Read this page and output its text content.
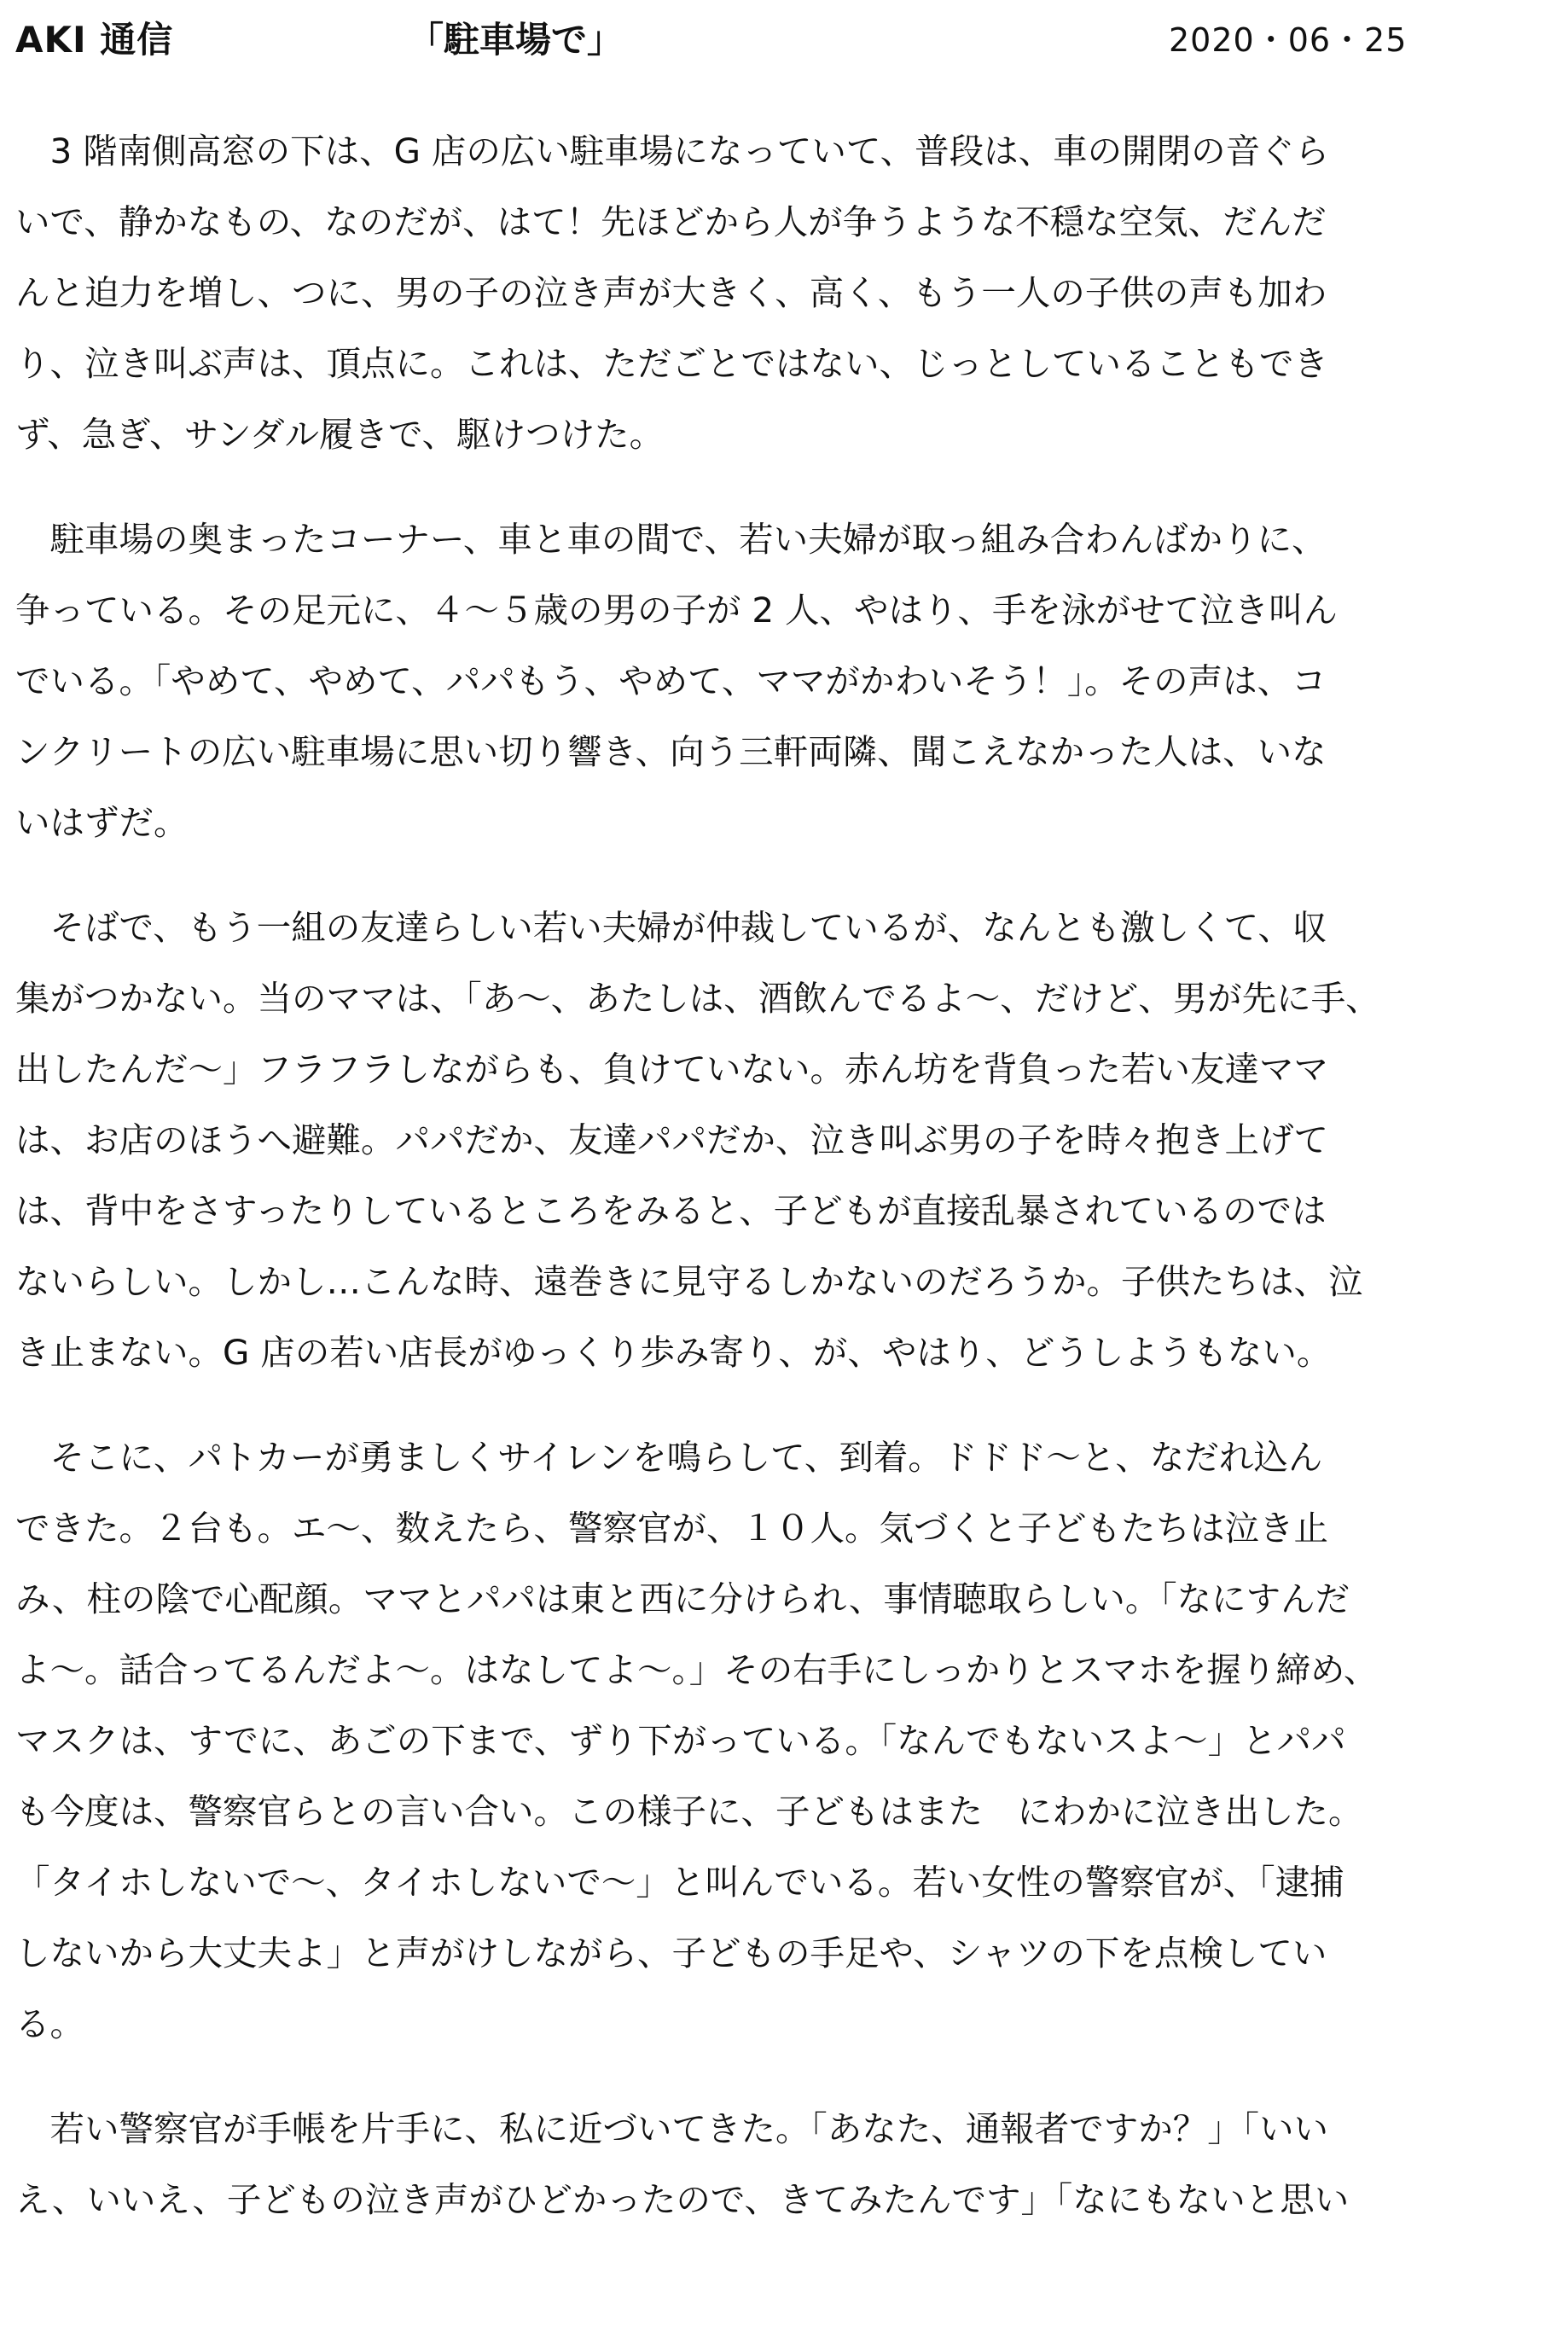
AKI 通信	「駐車場で」	2020・06・25
　3 階南側高窓の下は、G 店の広い駐車場になっていて、普段は、車の開閉の音ぐら
いで、静かなもの、なのだが、はて！先ほどから人が争うような不穏な空気、だんだ
んと迫力を増し、つに、男の子の泣き声が大きく、高く、もう一人の子供の声も加わ
り、泣き叫ぶ声は、頂点に。これは、ただごとではない、じっとしていることもでき
ず、急ぎ、サンダル履きで、駆けつけた。
　駐車場の奥まったコーナー、車と車の間で、若い夫婦が取っ組み合わんばかりに、
争っている。その足元に、４～５歳の男の子が 2 人、やはり、手を泳がせて泣き叫ん
でいる。「やめて、やめて、パパもう、やめて、ママがかわいそう！」。その声は、コ
ンクリートの広い駐車場に思い切り響き、向う三軒両隣、聞こえなかった人は、いな
いはずだ。
　そばで、もう一組の友達らしい若い夫婦が仲裁しているが、なんとも激しくて、収
集がつかない。当のママは、「あ～、あたしは、酒飲んでるよ～、だけど、男が先に手、
出したんだ～」フラフラしながらも、負けていない。赤ん坊を背負った若い友達ママ
は、お店のほうへ避難。パパだか、友達パパだか、泣き叫ぶ男の子を時々抱き上げて
は、背中をさすったりしているところをみると、子どもが直接乱暴されているのでは
ないらしい。しかし…こんな時、遠巻きに見守るしかないのだろうか。子供たちは、泣
き止まない。G 店の若い店長がゆっくり歩み寄り、が、やはり、どうしようもない。
　そこに、パトカーが勇ましくサイレンを鳴らして、到着。ドドド～と、なだれ込ん
できた。２台も。エ～、数えたら、警察官が、１０人。気づくと子どもたちは泣き止
み、柱の陰で心配顔。ママとパパは東と西に分けられ、事情聴取らしい。「なにすんだ
よ～。話合ってるんだよ～。はなしてよ～。」その右手にしっかりとスマホを握り締め、
マスクは、すでに、あごの下まで、ずり下がっている。「なんでもないスよ～」とパパ
も今度は、警察官らとの言い合い。この様子に、子どもはまた　にわかに泣き出した。
「タイホしないで～、タイホしないで～」と叫んでいる。若い女性の警察官が、「逮捕
しないから大丈夫よ」と声がけしながら、子どもの手足や、シャツの下を点検してい
る。
　若い警察官が手帳を片手に、私に近づいてきた。「あなた、通報者ですか？」「いい
え、いいえ、子どもの泣き声がひどかったので、きてみたんです」「なにもないと思い
